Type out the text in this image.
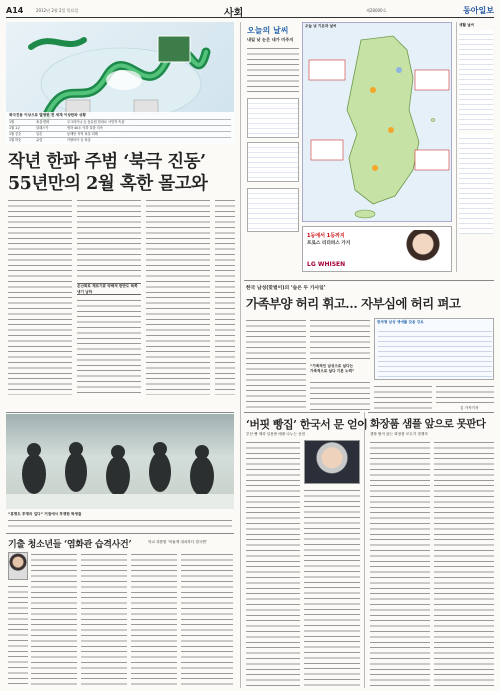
A14	2012년 2월 2일 목요일	사회	제28000호	동아일보
북극진동 이상으로 발생한 전 세계 이상한파 상황
1월	폭설·한파	우크라이나 등 동유럽 한파로 사망자 속출
1월 1주	알래스카	영하 40도 이하 혹한 지속
1월 중순	일본	동해안 지역 폭설 피해
1월 하순	유럽	이탈리아 등 폭설
작년 한파 주범 ‘북극 진동’
55년만의 2월 혹한 몰고와
온난화로 제트기류 약해져 한반도 북쪽 냉기 남하
오늘의 날씨
내일 낮 눈은 내가 미주지
오늘 낮 기온과 날씨
1등에서 1등까지
프로스 리더퍼스 가지
LG WHISEN
생활 날씨
한국 남성(맞벌이)의 ‘숨은 두 가사일’
가족부양 허리 휘고… 자부심에 허리 펴고
“가족적인 남성으로 살다는
가족적으로 살다 기본 노력”
한국형 남성 생애를 갖음 강요
김 가족기자
“휴병도 투쟁의 길다” 거점에서 투쟁한 학생들
기출 청소년들 ‘염화관 습격사건’	학교 괴롭힘 ‘어둡게 대처하다 결국엔’
‘버핏 빵집’ 한국서 문 얻어
부산 빵 제과 일용품 매출 나누는 상점
화장품 샘플 앞으로 못판다
샘플 팔지 않는 화장품 모두가 경쟁자
